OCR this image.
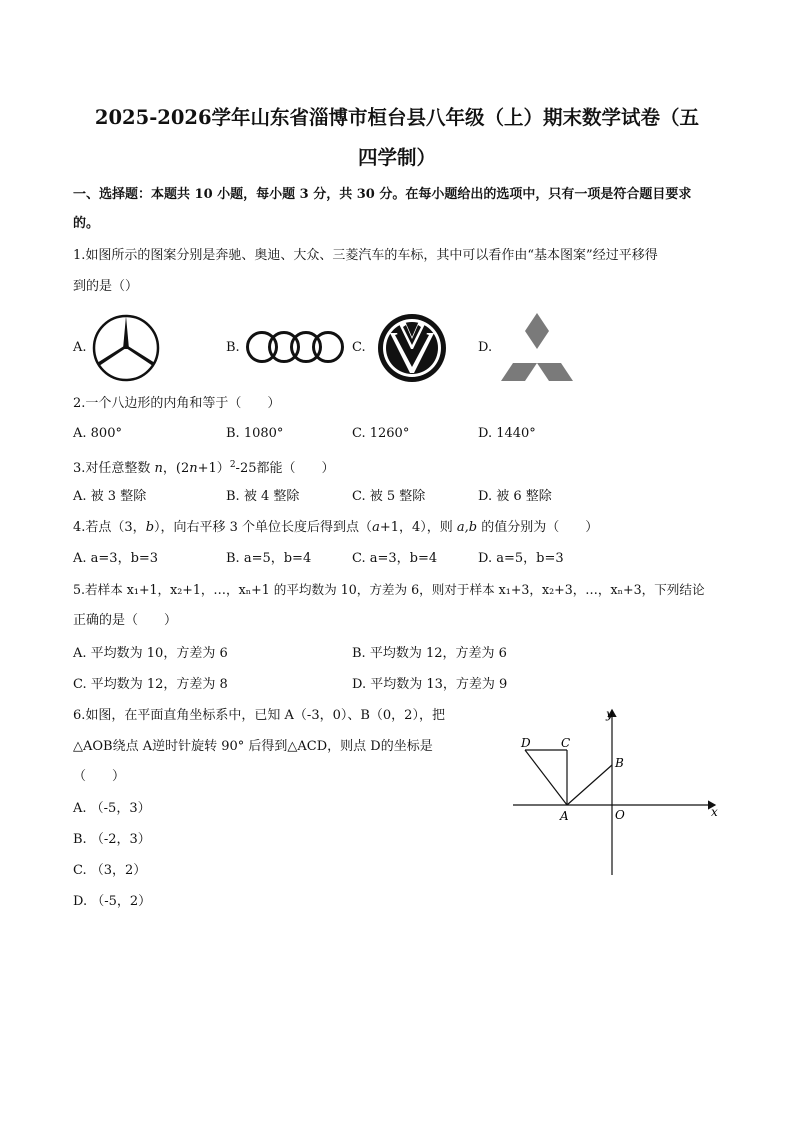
2025-2026学年山东省淄博市桓台县八年级（上）期末数学试卷（五
四学制）
一、选择题：本题共 10 小题，每小题 3 分，共 30 分。在每小题给出的选项中，只有一项是符合题目要求
的。
1.如图所示的图案分别是奔驰、奥迪、大众、三菱汽车的车标，其中可以看作由“基本图案”经过平移得
到的是（）
A.	B.	C.	D.
2.一个八边形的内角和等于（　　）
A. 800°	B. 1080°	C. 1260°	D. 1440°
3.对任意整数 n，(2n+1）$^2$-25都能（　　）
A. 被 3 整除	B. 被 4 整除	C. 被 5 整除	D. 被 6 整除
4.若点（3，b），向右平移 3 个单位长度后得到点（a+1，4），则 a,b 的值分别为（　　）
A. a=3，b=3	B. a=5，b=4	C. a=3，b=4	D. a=5，b=3
5.若样本 x₁+1，x₂+1，…，xₙ+1 的平均数为 10，方差为 6，则对于样本 x₁+3，x₂+3，…，xₙ+3，下列结论
正确的是（　　）
A. 平均数为 10，方差为 6	B. 平均数为 12，方差为 6
C. 平均数为 12，方差为 8	D. 平均数为 13，方差为 9
6.如图，在平面直角坐标系中，已知 A（-3，0）、B（0，2），把
△AOB绕点 A逆时针旋转 90° 后得到△ACD，则点 D的坐标是
（　　）
A. （-5，3）
B. （-2，3）
C. （3，2）
D. （-5，2）
y
x
D	C
B
A	O
